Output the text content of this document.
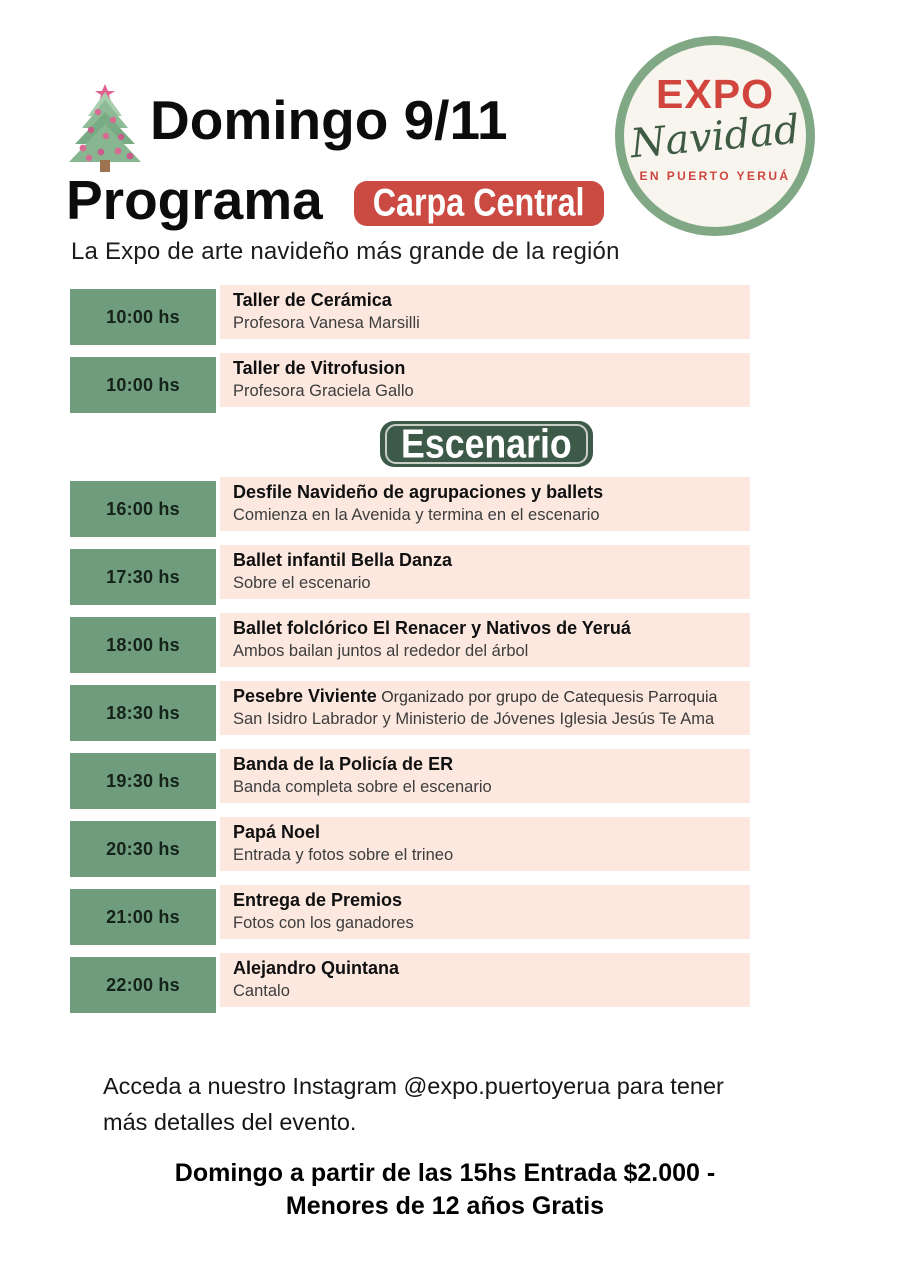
Domingo 9/11
Programa Carpa Central
La Expo de arte navideño más grande de la región
EXPO
Navidad
EN PUERTO YERUÁ
10:00 hs
Taller de Cerámica
Profesora Vanesa Marsilli
10:00 hs
Taller de Vitrofusion
Profesora Graciela Gallo
Escenario
16:00 hs
Desfile Navideño de agrupaciones y ballets
Comienza en la Avenida y termina en el escenario
17:30 hs
Ballet infantil Bella Danza
Sobre el escenario
18:00 hs
Ballet folclórico El Renacer y Nativos de Yeruá
Ambos bailan juntos al rededor del árbol
18:30 hs
Pesebre Viviente Organizado por grupo de Catequesis Parroquia
San Isidro Labrador y Ministerio de Jóvenes Iglesia Jesús Te Ama
19:30 hs
Banda de la Policía de ER
Banda completa sobre el escenario
20:30 hs
Papá Noel
Entrada y fotos sobre el trineo
21:00 hs
Entrega de Premios
Fotos con los ganadores
22:00 hs
Alejandro Quintana
Cantalo
Acceda a nuestro Instagram @expo.puertoyerua para tener
más detalles del evento.
Domingo a partir de las 15hs Entrada $2.000 -
Menores de 12 años Gratis
